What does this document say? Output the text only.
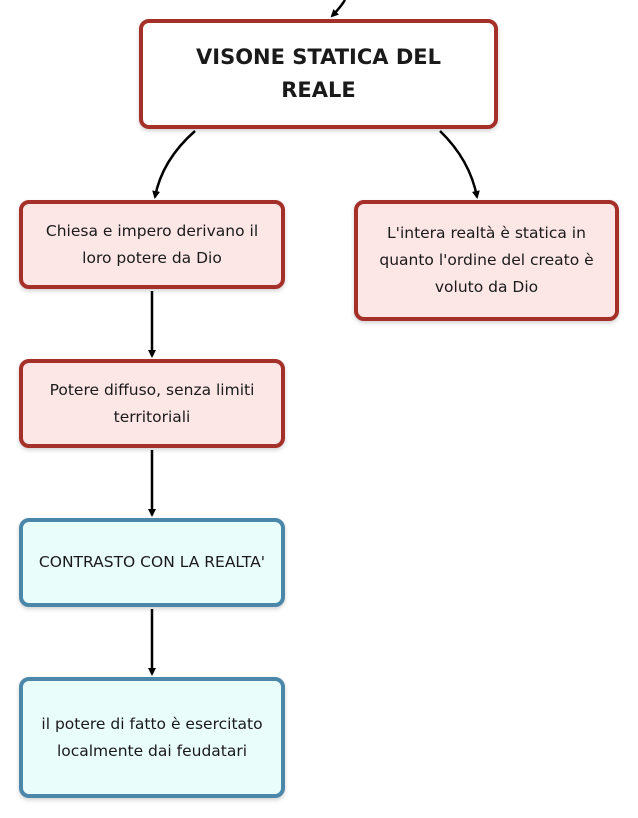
VISONE STATICA DEL REALE
Chiesa e impero derivano il loro potere da Dio
L'intera realtà è statica in quanto l'ordine del creato è voluto da Dio
Potere diffuso, senza limiti territoriali
CONTRASTO CON LA REALTA'
il potere di fatto è esercitato localmente dai feudatari
